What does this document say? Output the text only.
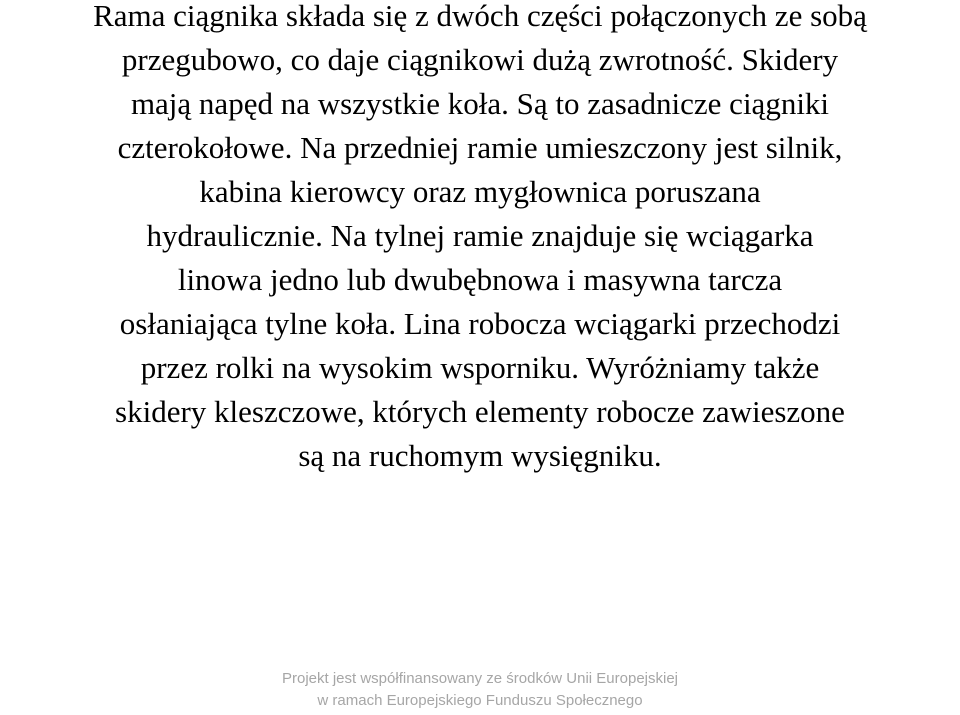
Rama ciągnika składa się z dwóch części połączonych ze sobą
przegubowo, co daje ciągnikowi dużą zwrotność. Skidery
mają napęd na wszystkie koła. Są to zasadnicze ciągniki
czterokołowe. Na przedniej ramie umieszczony jest silnik,
kabina kierowcy oraz mygłownica poruszana
hydraulicznie. Na tylnej ramie znajduje się wciągarka
linowa jedno lub dwubębnowa i masywna tarcza
osłaniająca tylne koła. Lina robocza wciągarki przechodzi
przez rolki na wysokim wsporniku. Wyróżniamy także
skidery kleszczowe, których elementy robocze zawieszone
są na ruchomym wysięgniku.
Projekt jest współfinansowany ze środków Unii Europejskiej
w ramach Europejskiego Funduszu Społecznego
